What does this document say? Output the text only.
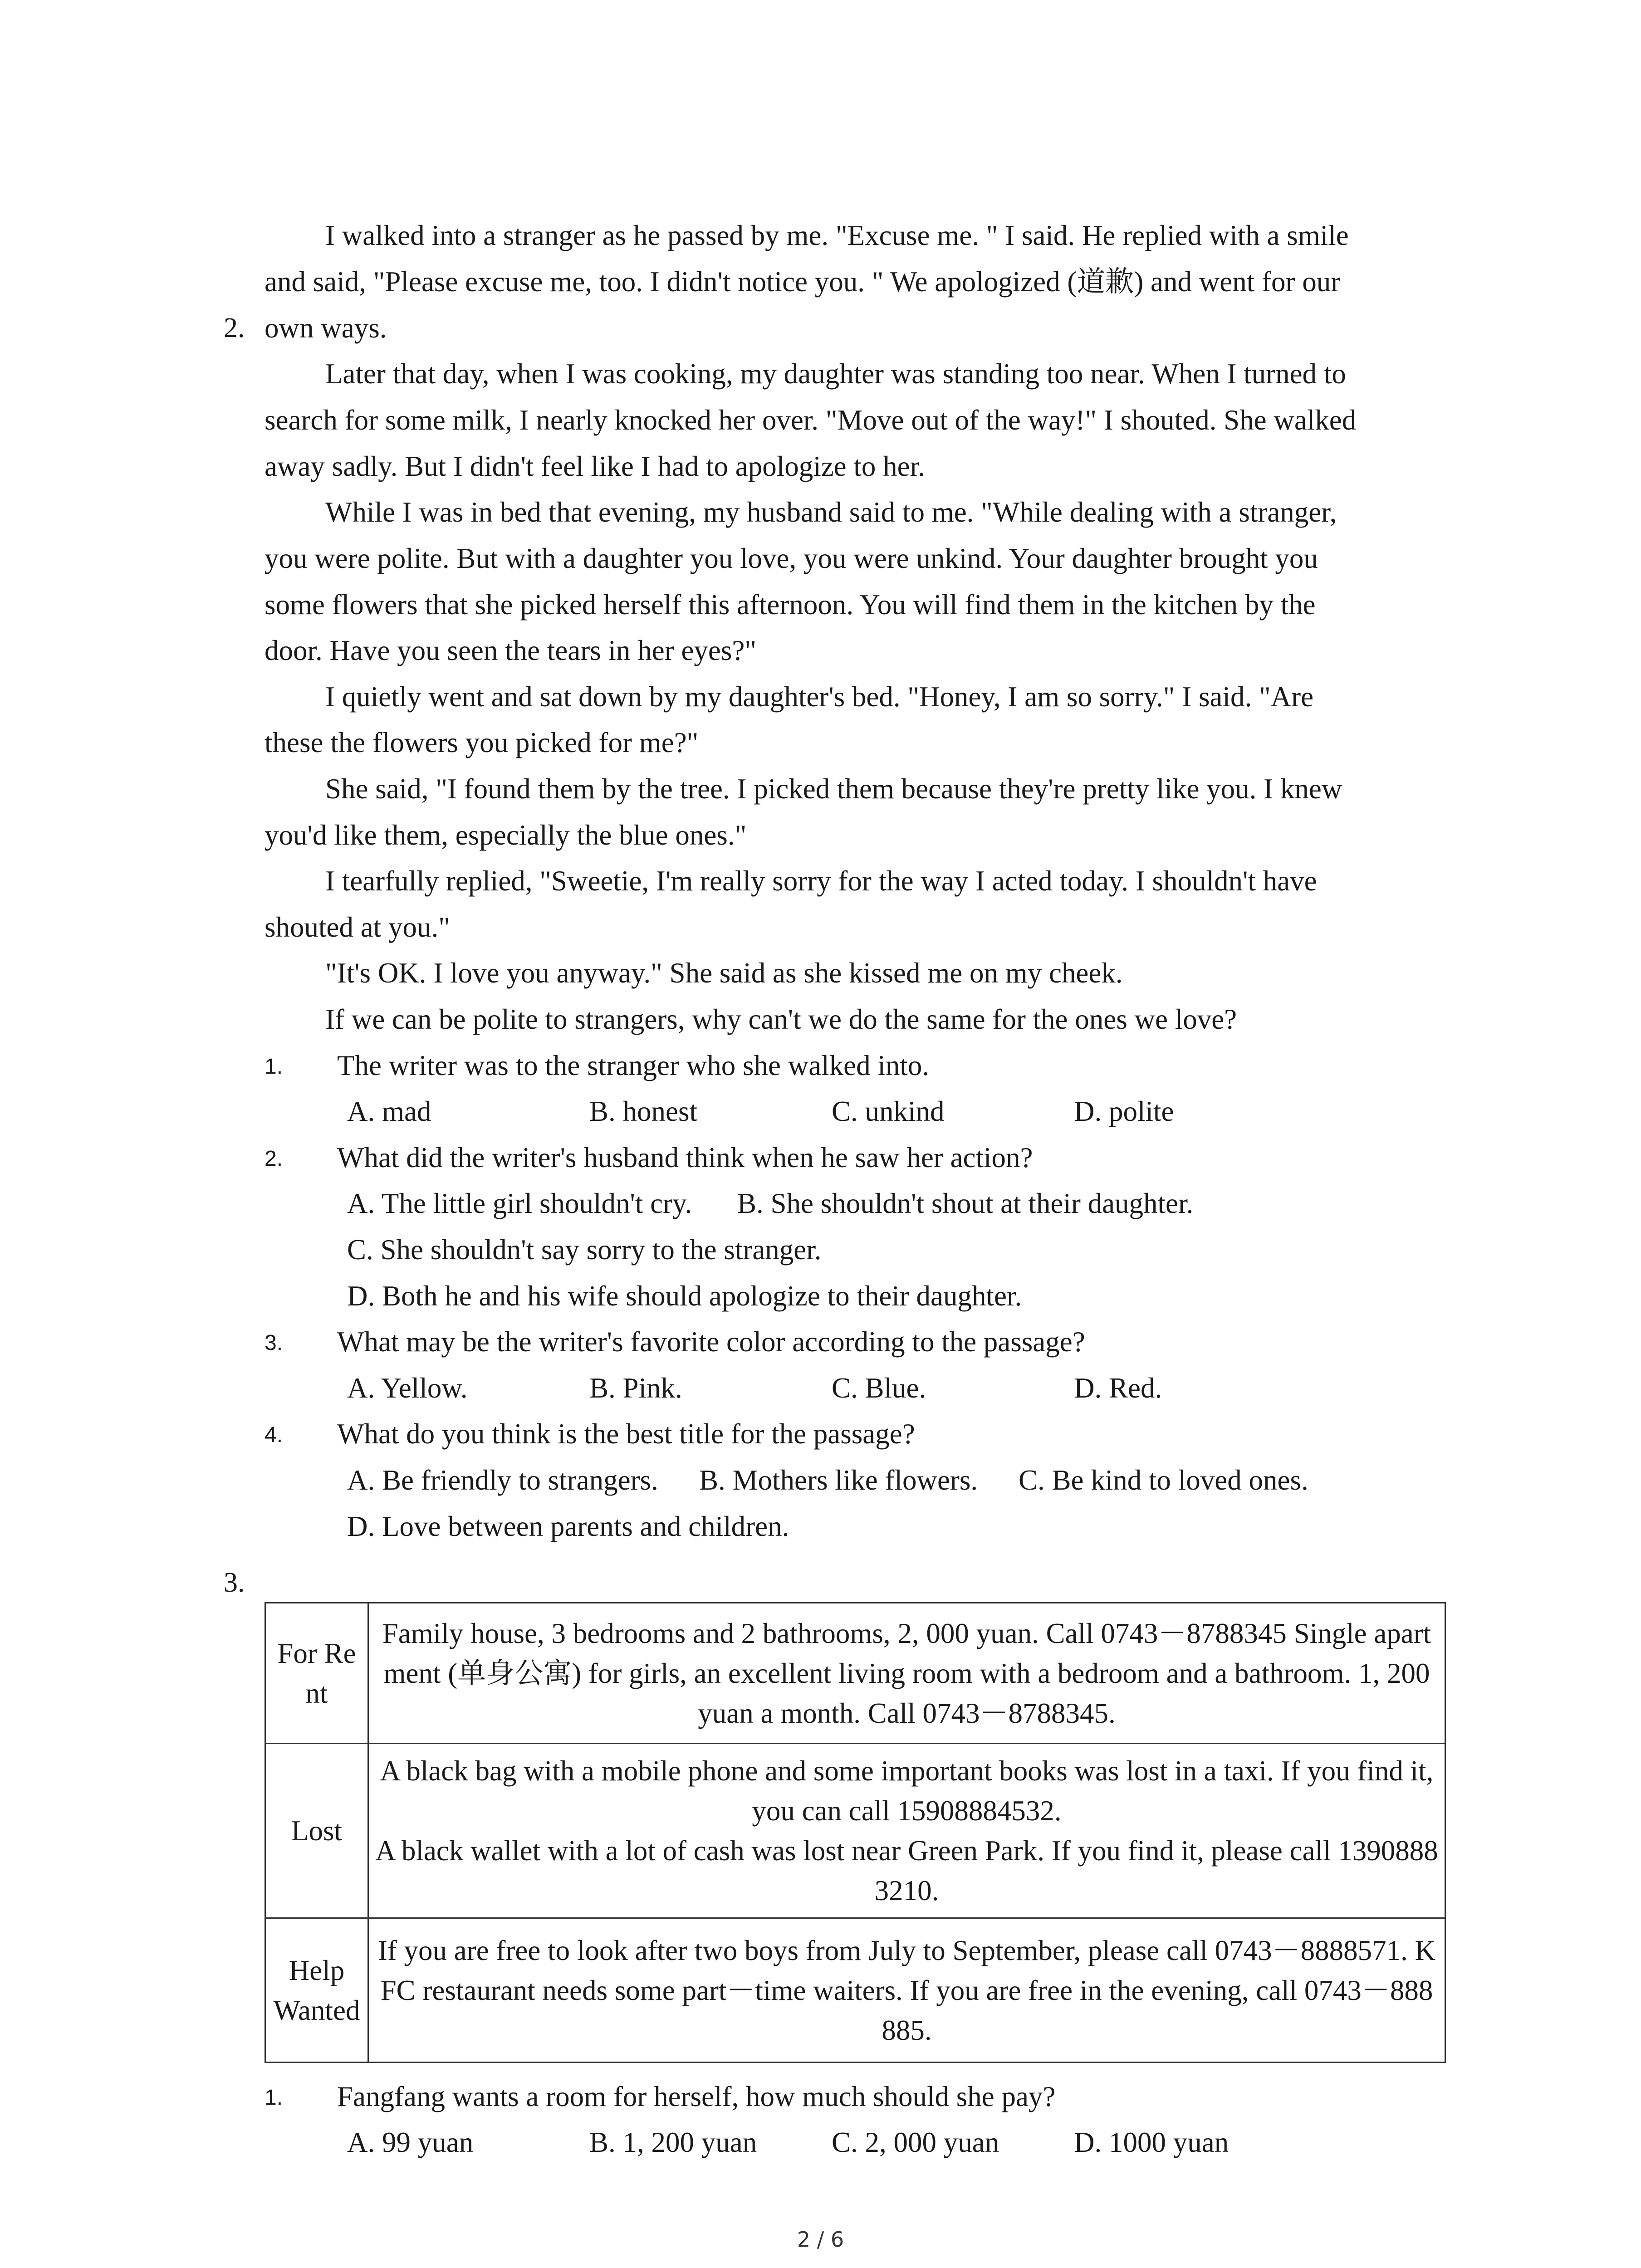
2.
I walked into a stranger as he passed by me. "Excuse me. " I said. He replied with a smile
and said, "Please excuse me, too. I didn't notice you. " We apologized (道歉) and went for our
own ways.
Later that day, when I was cooking, my daughter was standing too near. When I turned to
search for some milk, I nearly knocked her over. "Move out of the way!" I shouted. She walked
away sadly. But I didn't feel like I had to apologize to her.
While I was in bed that evening, my husband said to me. "While dealing with a stranger,
you were polite. But with a daughter you love, you were unkind. Your daughter brought you
some flowers that she picked herself this afternoon. You will find them in the kitchen by the
door. Have you seen the tears in her eyes?"
I quietly went and sat down by my daughter's bed. "Honey, I am so sorry." I said. "Are
these the flowers you picked for me?"
She said, "I found them by the tree. I picked them because they're pretty like you. I knew
you'd like them, especially the blue ones."
I tearfully replied, "Sweetie, I'm really sorry for the way I acted today. I shouldn't have
shouted at you."
"It's OK. I love you anyway." She said as she kissed me on my cheek.
If we can be polite to strangers, why can't we do the same for the ones we love?
1. The writer was to the stranger who she walked into.
A. mad	B. honest	C. unkind	D. polite
2. What did the writer's husband think when he saw her action?
A. The little girl shouldn't cry. B. She shouldn't shout at their daughter.
C. She shouldn't say sorry to the stranger.
D. Both he and his wife should apologize to their daughter.
3. What may be the writer's favorite color according to the passage?
A. Yellow.	B. Pink.	C. Blue.	D. Red.
4. What do you think is the best title for the passage?
A. Be friendly to strangers. B. Mothers like flowers. C. Be kind to loved ones.
D. Love between parents and children.
3.
For Rent	Family house, 3 bedrooms and 2 bathrooms, 2, 000 yuan. Call 0743－8788345 Single apartment (单身公寓) for girls, an excellent living room with a bedroom and a bathroom. 1, 200 yuan a month. Call 0743－8788345.
Lost	A black bag with a mobile phone and some important books was lost in a taxi. If you find it, you can call 15908884532.
A black wallet with a lot of cash was lost near Green Park. If you find it, please call 13908883210.

Help Wanted	If you are free to look after two boys from July to September, please call 0743－8888571. KFC restaurant needs some part－time waiters. If you are free in the evening, call 0743－888885.
1. Fangfang wants a room for herself, how much should she pay?
A. 99 yuan	B. 1, 200 yuan	C. 2, 000 yuan	D. 1000 yuan
2 / 6
